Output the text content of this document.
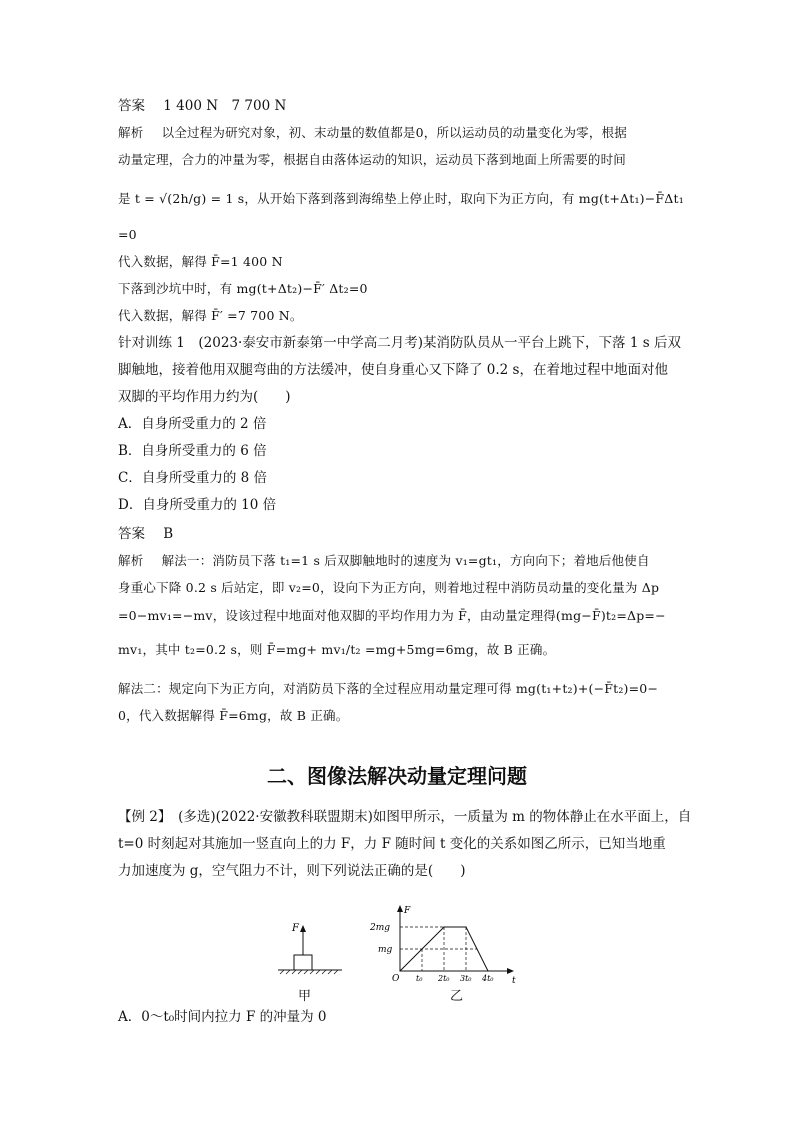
答案 1 400 N　7 700 N
解析 以全过程为研究对象，初、末动量的数值都是0，所以运动员的动量变化为零，根据
动量定理，合力的冲量为零，根据自由落体运动的知识，运动员下落到地面上所需要的时间
是 t = √(2h/g) = 1 s，从开始下落到落到海绵垫上停止时，取向下为正方向，有 mg(t+Δt₁)−F̄Δt₁
=0
代入数据，解得 F̄=1 400 N
下落到沙坑中时，有 mg(t+Δt₂)−F̄′ Δt₂=0
代入数据，解得 F̄′ =7 700 N。
针对训练 1　(2023·泰安市新泰第一中学高二月考)某消防队员从一平台上跳下，下落 1 s 后双
脚触地，接着他用双腿弯曲的方法缓冲，使自身重心又下降了 0.2 s，在着地过程中地面对他
双脚的平均作用力约为(　　)
A．自身所受重力的 2 倍
B．自身所受重力的 6 倍
C．自身所受重力的 8 倍
D．自身所受重力的 10 倍
答案 B
解析 解法一：消防员下落 t₁=1 s 后双脚触地时的速度为 v₁=gt₁，方向向下；着地后他使自
身重心下降 0.2 s 后站定，即 v₂=0，设向下为正方向，则着地过程中消防员动量的变化量为 Δp
=0−mv₁=−mv，设该过程中地面对他双脚的平均作用力为 F̄，由动量定理得(mg−F̄)t₂=Δp=−
mv₁，其中 t₂=0.2 s，则 F̄=mg+ mv₁/t₂ =mg+5mg=6mg，故 B 正确。
解法二：规定向下为正方向，对消防员下落的全过程应用动量定理可得 mg(t₁+t₂)+(−F̄t₂)=0−
0，代入数据解得 F̄=6mg，故 B 正确。
二、图像法解决动量定理问题
【例 2】　(多选)(2022·安徽教科联盟期末)如图甲所示，一质量为 m 的物体静止在水平面上，自
t=0 时刻起对其施加一竖直向上的力 F，力 F 随时间 t 变化的关系如图乙所示，已知当地重
力加速度为 g，空气阻力不计，则下列说法正确的是(　　)
F
F
t
O
2mg
mg
t₀ 2t₀ 3t₀ 4t₀
甲	乙
A．0～t₀时间内拉力 F 的冲量为 0
